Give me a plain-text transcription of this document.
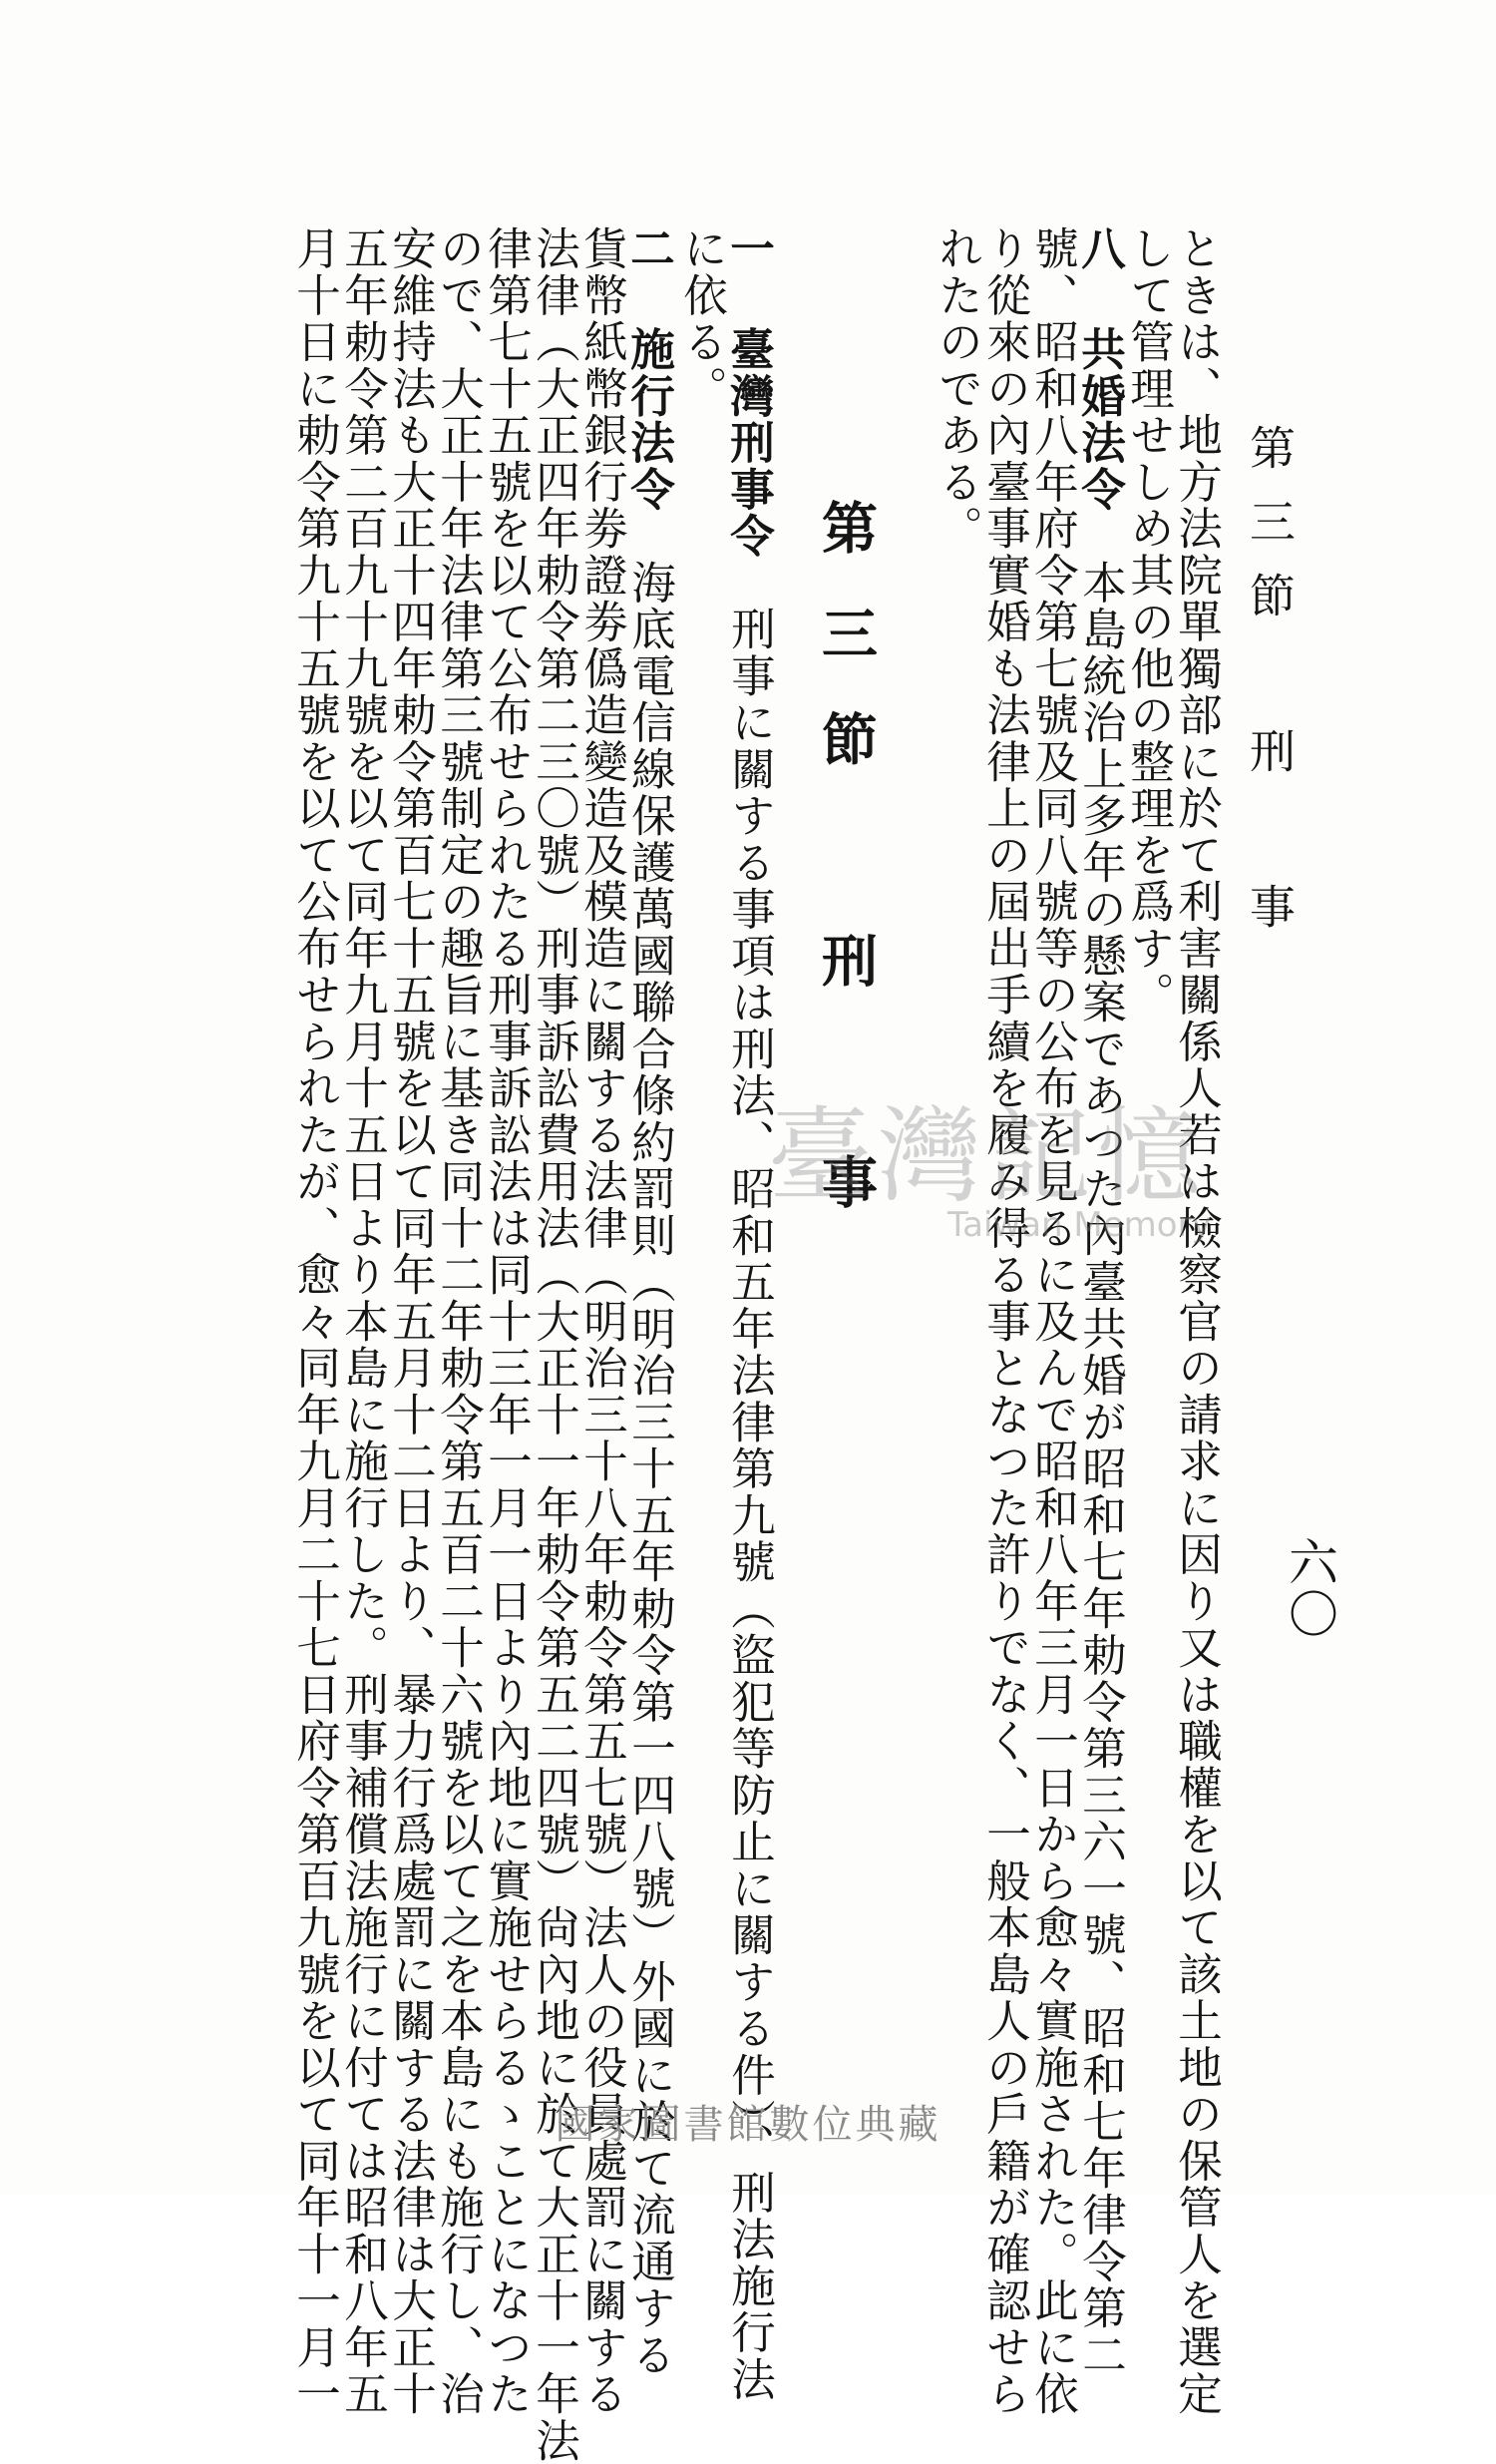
第三節 刑 事
六〇
ときは、地方法院單獨部に於て利害關係人若は檢察官の請求に因り又は職權を以て該土地の保管人を選定
して管理せしめ其の他の整理を爲す。
八 共婚法令　本島統治上多年の懸案であつた內臺共婚が昭和七年勅令第三六一號、昭和七年律令第二
號、昭和八年府令第七號及同八號等の公布を見るに及んで昭和八年三月一日から愈々實施された。此に依
り從來の內臺事實婚も法律上の屆出手續を履み得る事となつた許りでなく、一般本島人の戶籍が確認せら
れたのである。
第三節 刑 事
一 臺灣刑事令　刑事に關する事項は刑法、昭和五年法律第九號（盜犯等防止に關する件）、刑法施行法
に依る。
二 施行法令　海底電信線保護萬國聯合條約罰則（明治三十五年勅令第一四八號）外國に於て流通する
貨幣紙幣銀行劵證劵僞造變造及模造に關する法律（明治三十八年勅令第五七號）法人の役員處罰に關する
法律（大正四年勅令第二三〇號）刑事訴訟費用法（大正十一年勅令第五二四號）尙內地に於て大正十一年法
律第七十五號を以て公布せられたる刑事訴訟法は同十三年一月一日より內地に實施せらるゝことになつた
ので、大正十年法律第三號制定の趣旨に基き同十二年勅令第五百二十六號を以て之を本島にも施行し、治
安維持法も大正十四年勅令第百七十五號を以て同年五月十二日より、暴力行爲處罰に關する法律は大正十
五年勅令第二百九十九號を以て同年九月十五日より本島に施行した。刑事補償法施行に付ては昭和八年五
月十日に勅令第九十五號を以て公布せられたが、愈々同年九月二十七日府令第百九號を以て同年十一月一	臺灣記憶
Taiwan Memory
國家圖書館數位典藏
